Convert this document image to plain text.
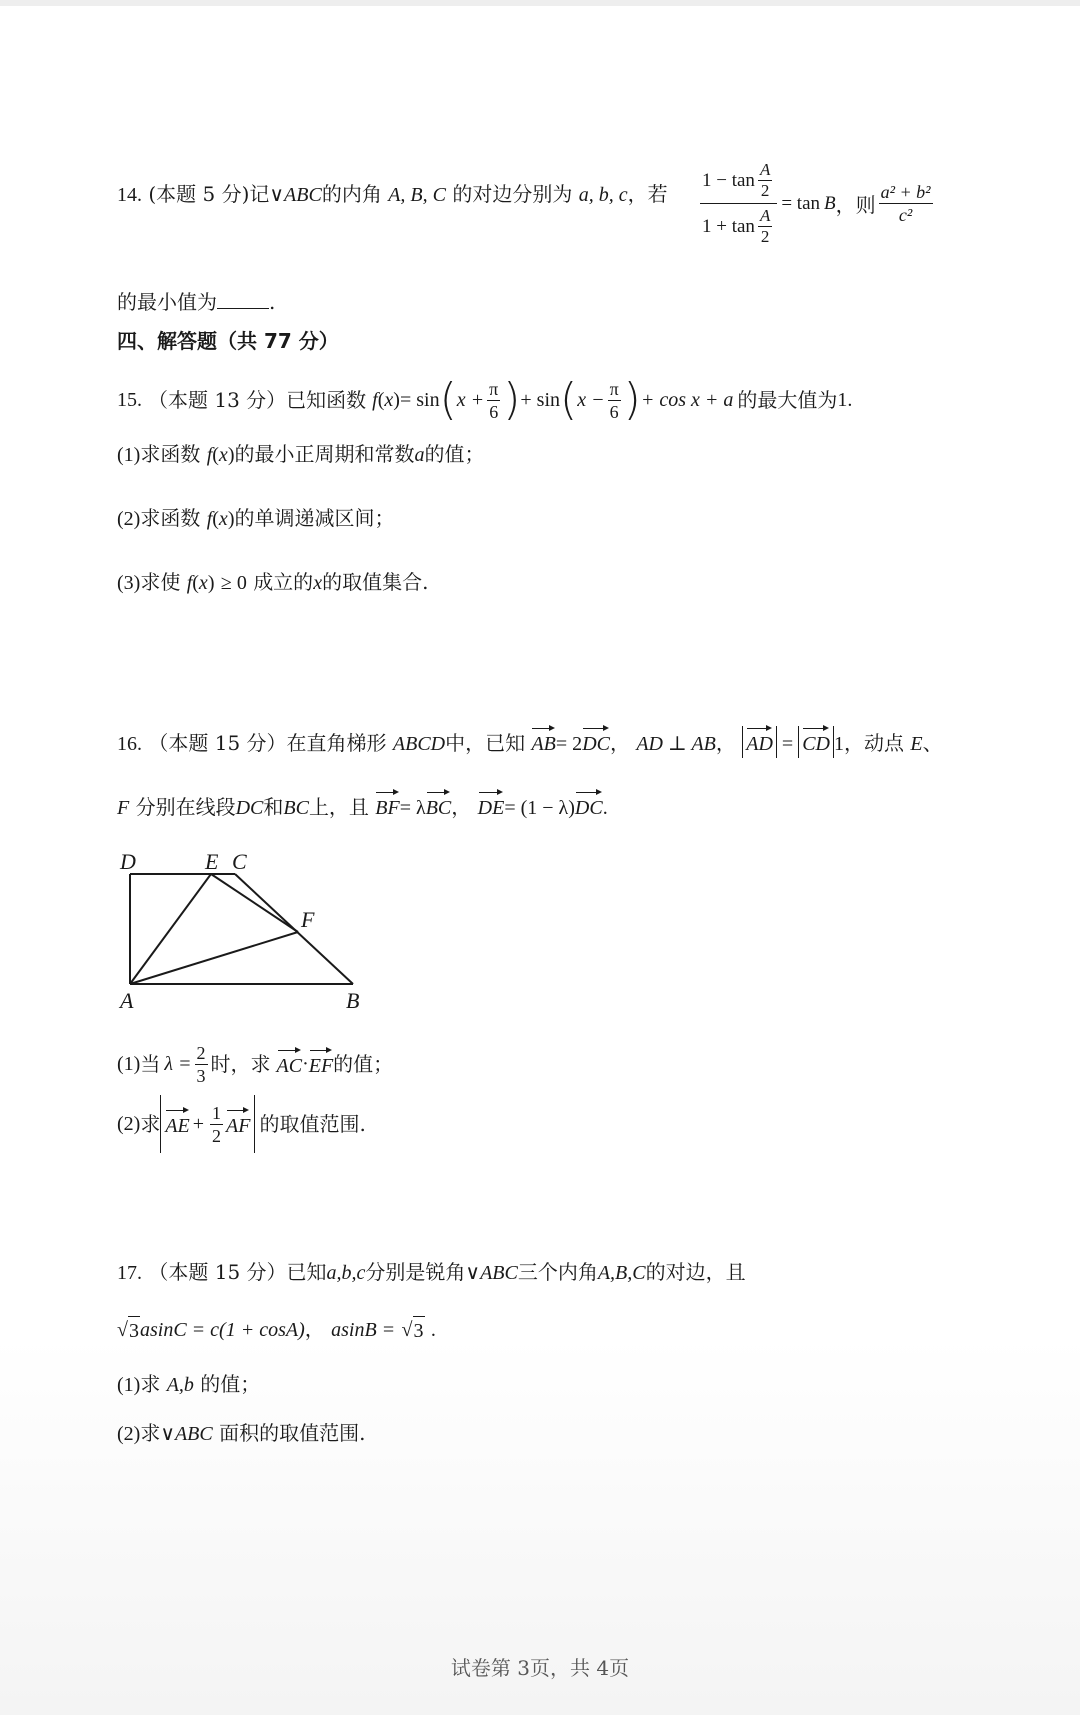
14. (本题 5 分)记∨ABC的内角 A, B, C 的对边分别为 a, b, c，若 $\frac{1 - \tan \frac{A}{2}}{1 + \tan \frac{A}{2}} = \tan B$ ，则 $\frac{\text{a² + b²}}{\text{c²}}$
的最小值为	.
四、解答题（共 77 分）
15. （本题 13 分） 已知函数 f ( x ) = sin ( $x + \frac{\pi}{6}$ ) + sin ( $x - \frac{\pi}{6}$ ) + cos x + a 的最大值为 1.
(1)求函数 f(x)的最小正周期和常数a的值；
(2)求函数 f(x)的单调递减区间；
(3)求使 f(x) ≥ 0 成立的x的取值集合.
16. （本题 15 分）在直角梯形 ABCD中，已知 AB= 2DC， AD ⊥ AB， AD = CD 1，动点 E、
F 分别在线段DC和BC上，且 BF= λBC， DE= (1 − λ)DC.
D	E C
F
A	B
(1) 当 $\lambda = \frac{2}{3}$ 时，求 AC · EF 的值；
(2) 求 AE + $\frac{1}{2}$ AF 的取值范围.
17. （本题 15 分）已知a,b,c分别是锐角∨ABC三个内角A,B,C的对边，且
√ 3 asinC = c(1 + cosA)， asinB = √ 3 .
(1)求 A,b 的值；
(2)求∨ABC 面积的取值范围.
试卷第 3页，共 4页
